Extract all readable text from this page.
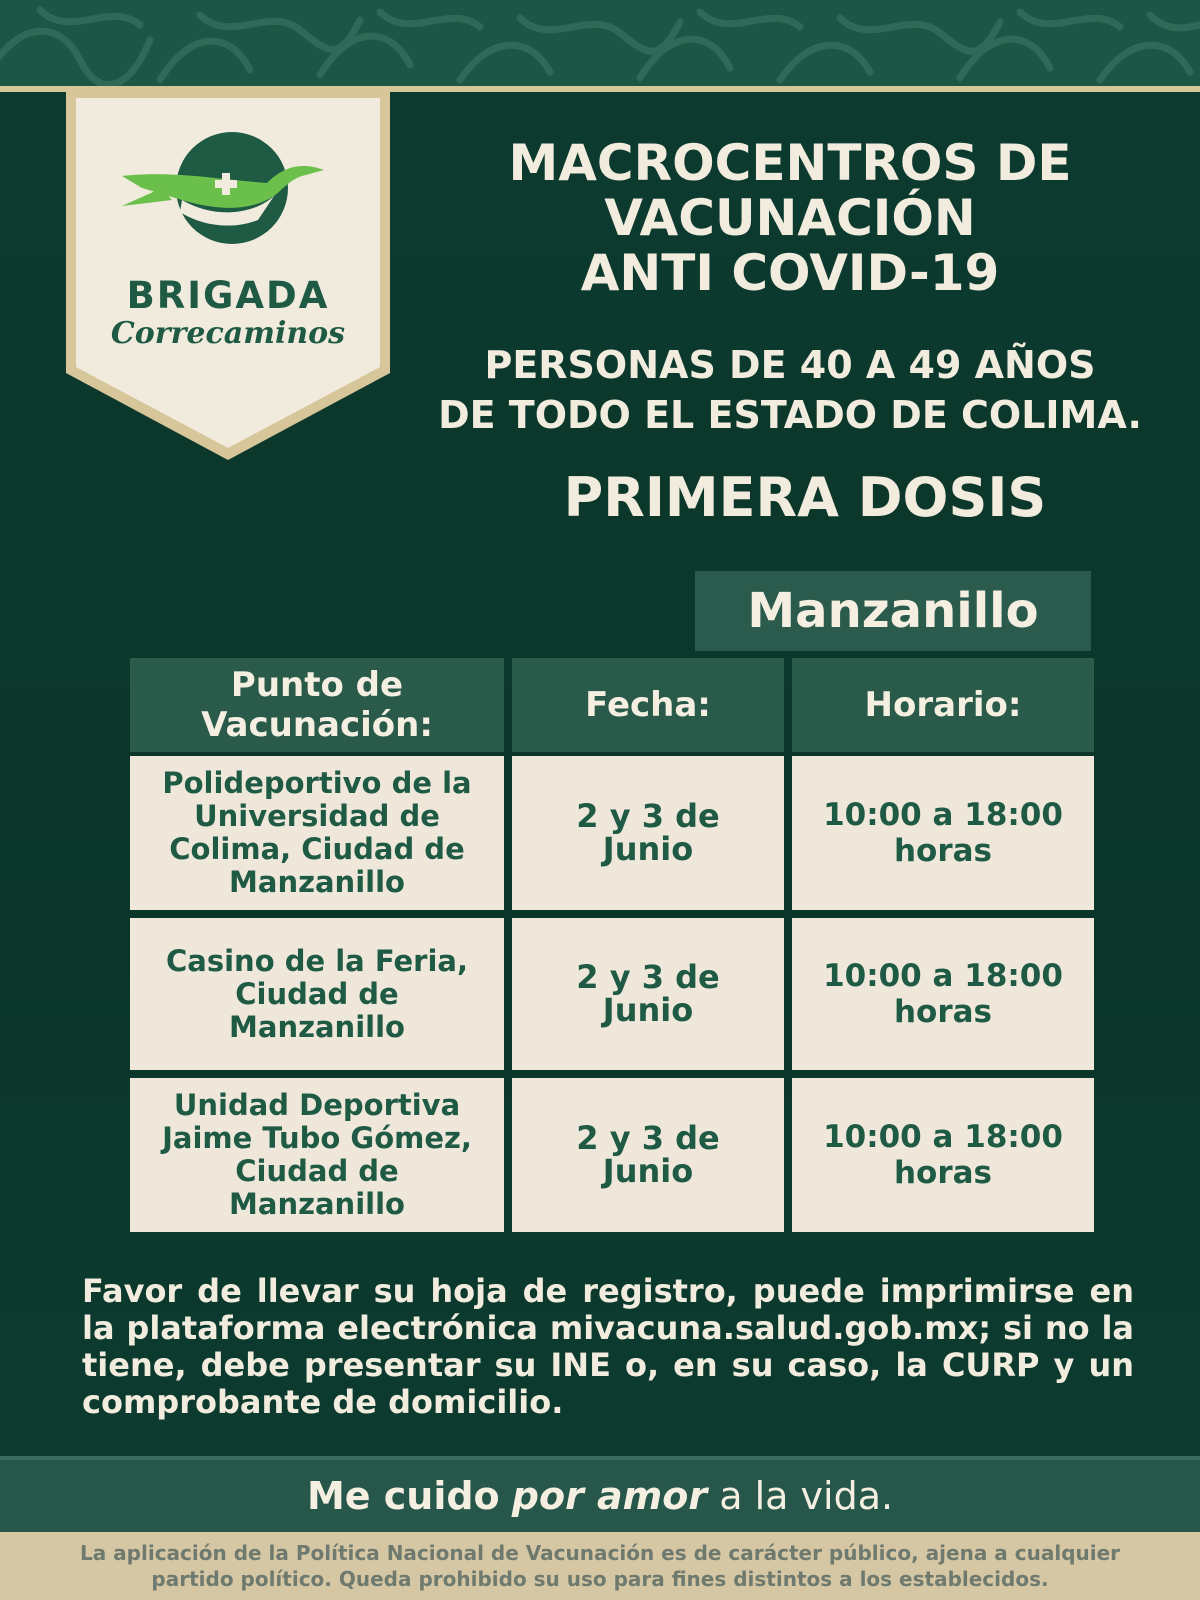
BRIGADA
Correcaminos
MACROCENTROS DE
VACUNACIÓN
ANTI COVID-19
PERSONAS DE 40 A 49 AÑOS
DE TODO EL ESTADO DE COLIMA.
PRIMERA DOSIS
Manzanillo
Punto de Vacunación:	Fecha:	Horario:
Polideportivo de la Universidad de Colima, Ciudad de Manzanillo
2 y 3 de Junio
10:00 a 18:00 horas
Casino de la Feria, Ciudad de Manzanillo
2 y 3 de Junio
10:00 a 18:00 horas
Unidad Deportiva Jaime Tubo Gómez, Ciudad de Manzanillo
2 y 3 de Junio
10:00 a 18:00 horas
Favor de llevar su hoja de registro, puede imprimirse en la plataforma electrónica mivacuna.salud.gob.mx; si no la tiene, debe presentar su INE o, en su caso, la CURP y un comprobante de domicilio.
Me cuido por amor a la vida.
La aplicación de la Política Nacional de Vacunación es de carácter público, ajena a cualquier partido político. Queda prohibido su uso para fines distintos a los establecidos.
